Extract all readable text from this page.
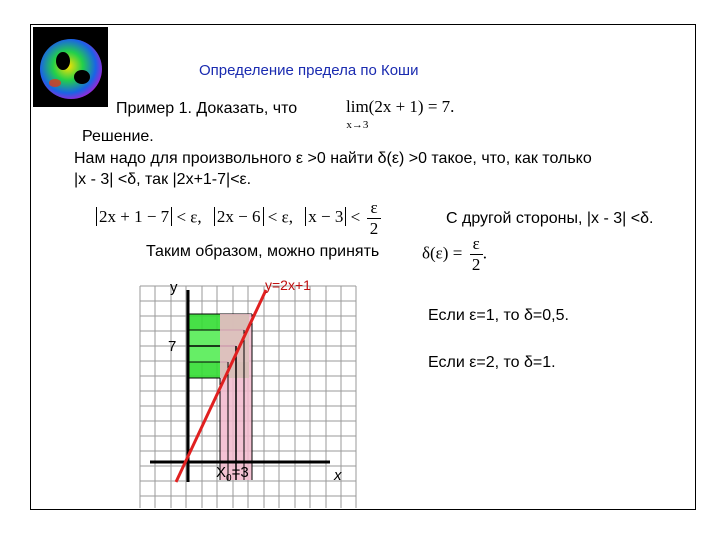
Определение предела по Коши
Пример 1. Доказать, что	lim
$^{x\to 3}$(2x + 1) = 7.
Решение.
Нам надо для произвольного ε >0 найти δ(ε) >0 такое, что, как только
|x - 3| <δ, так |2x+1-7|<ε.
2x + 1 − 7 < ε, 2x − 6 < ε, $x - 3 < \frac{\varepsilon}{2}$	С другой стороны, |x - 3| <δ.
Таким образом, можно принять	$\delta(\varepsilon) = \frac{\varepsilon}{2}$ .
Если ε=1, то δ=0,5.
Если ε=2, то δ=1.
y
x
y=2x+1
7
$X_0=3$
